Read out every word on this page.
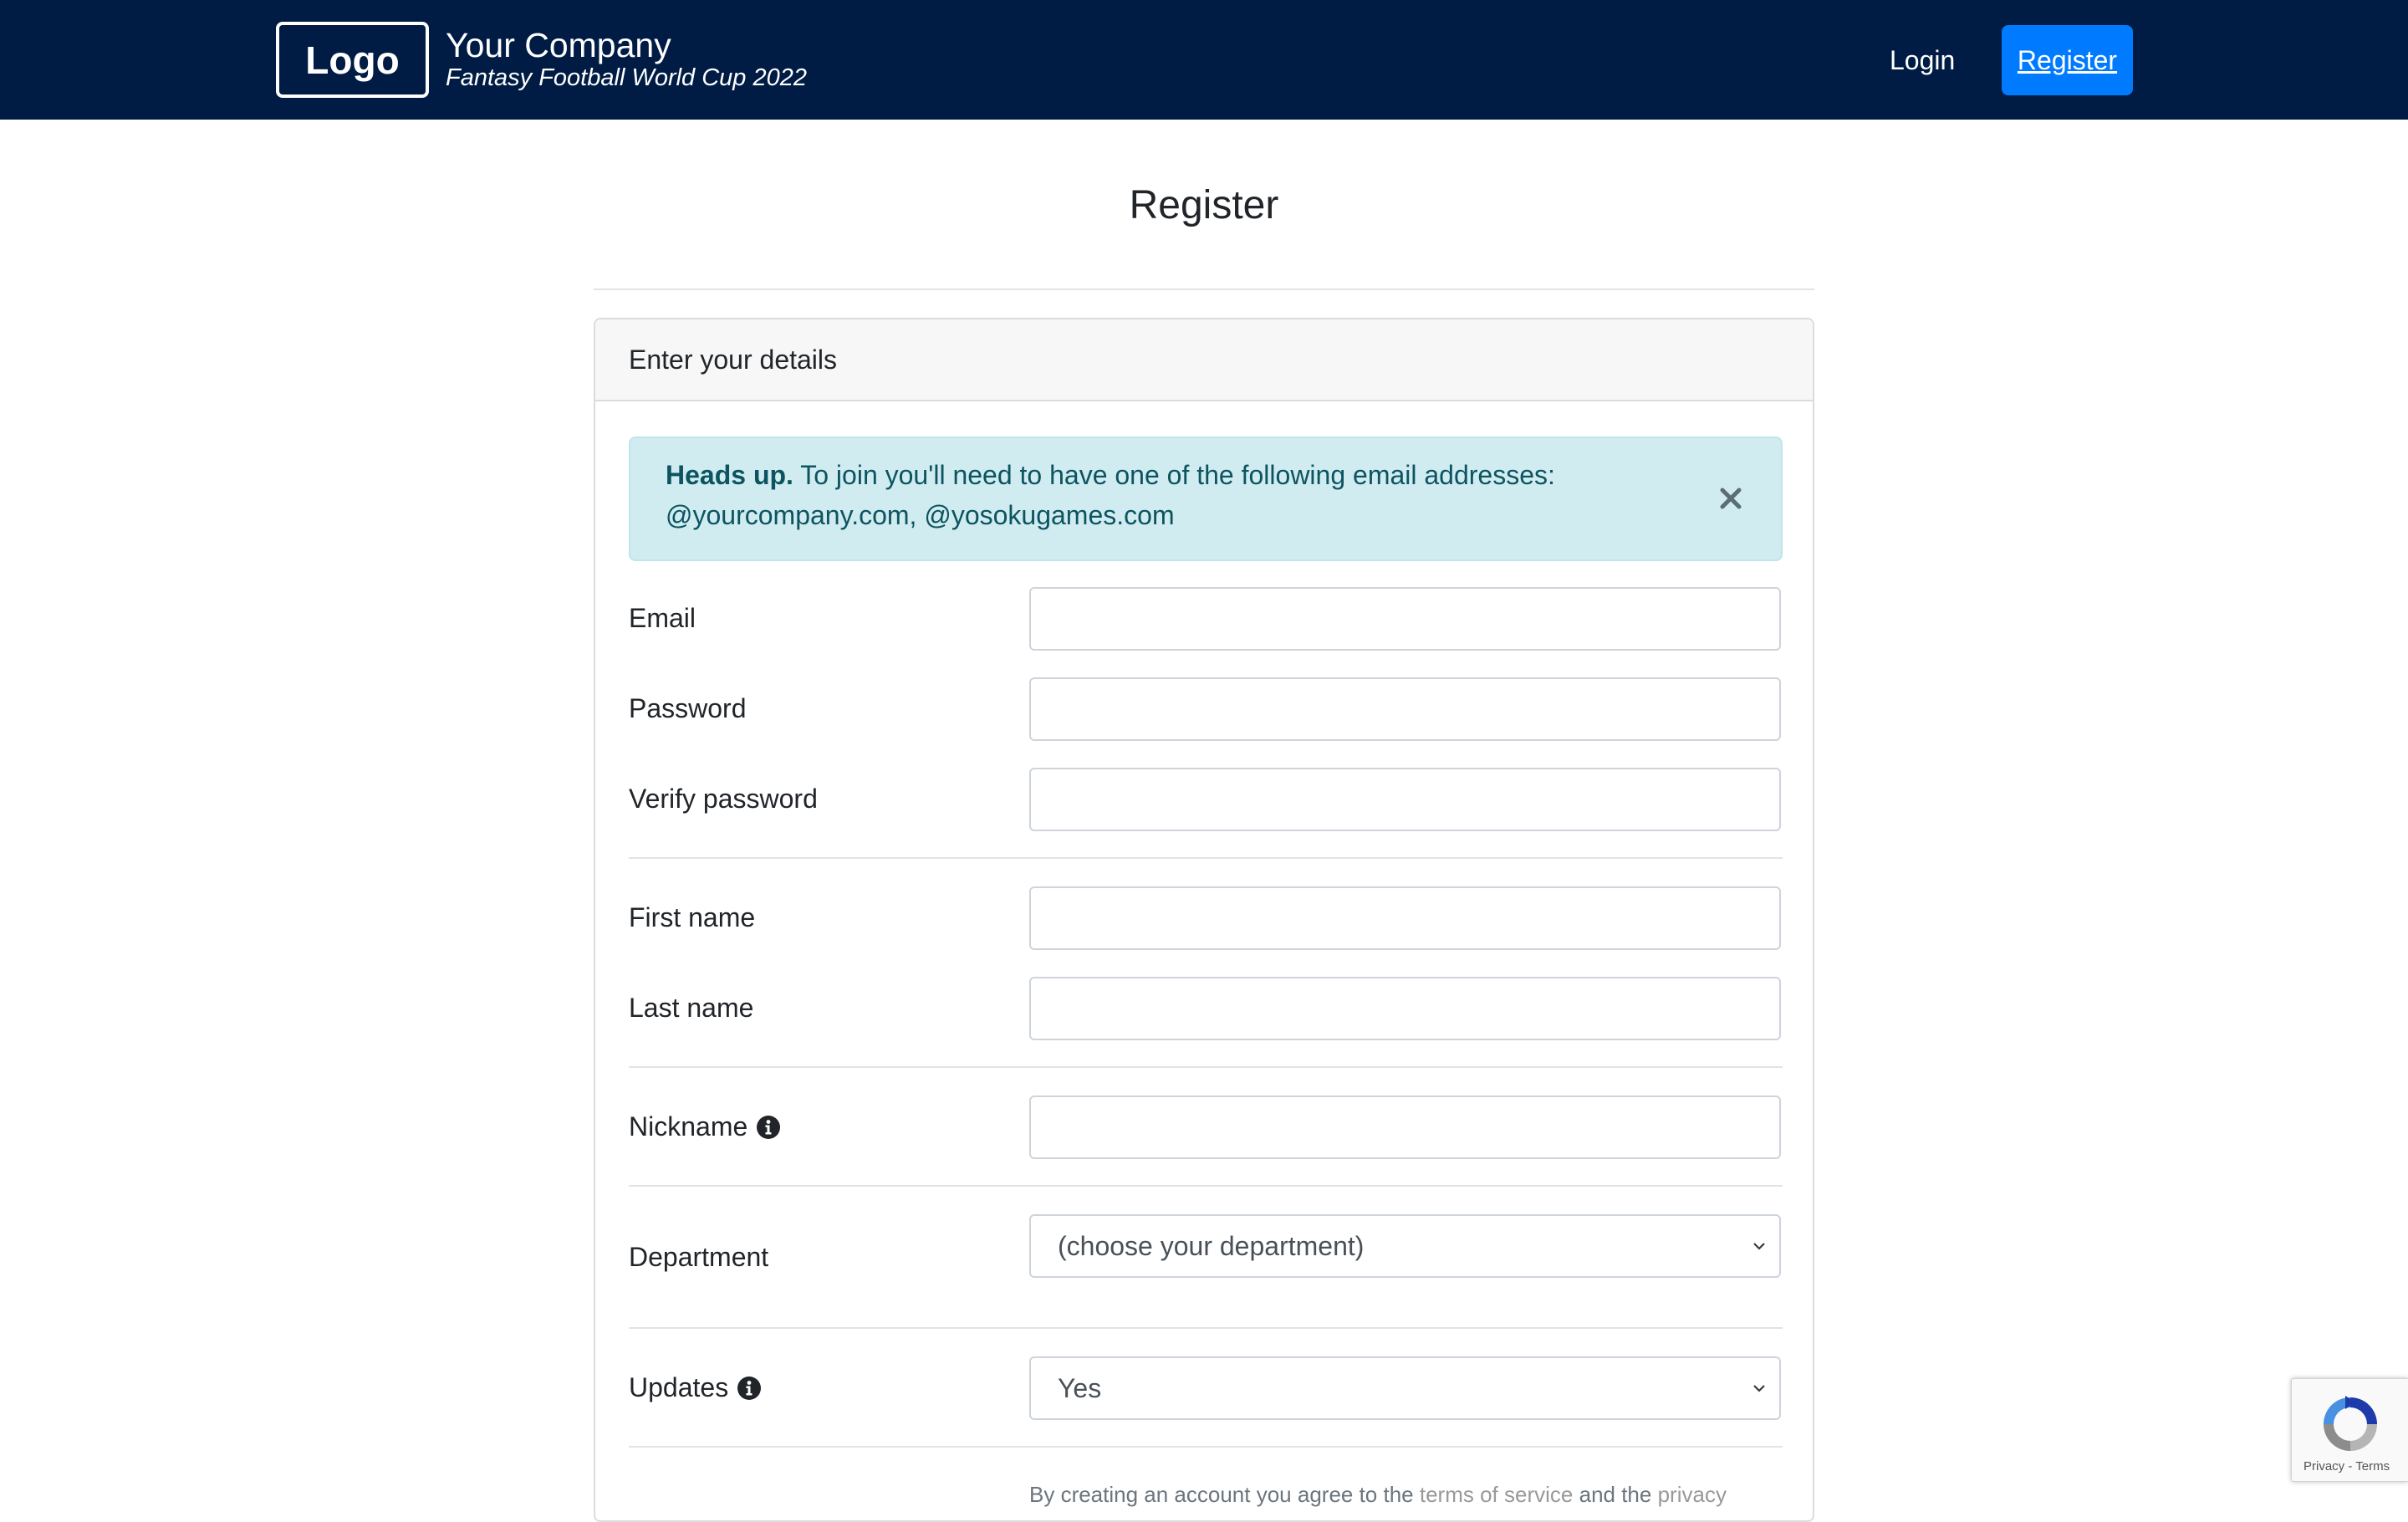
Logo	Your Company
Fantasy Football World Cup 2022
Login	Register
Register
Enter your details
Heads up. To join you'll need to have one of the following email addresses: @yourcompany.com, @yosokugames.com
Email
Password
Verify password
First name
Last name
Nickname
Department	(choose your department)
Updates	Yes
By creating an account you agree to the terms of service and the privacy
Privacy - Terms
